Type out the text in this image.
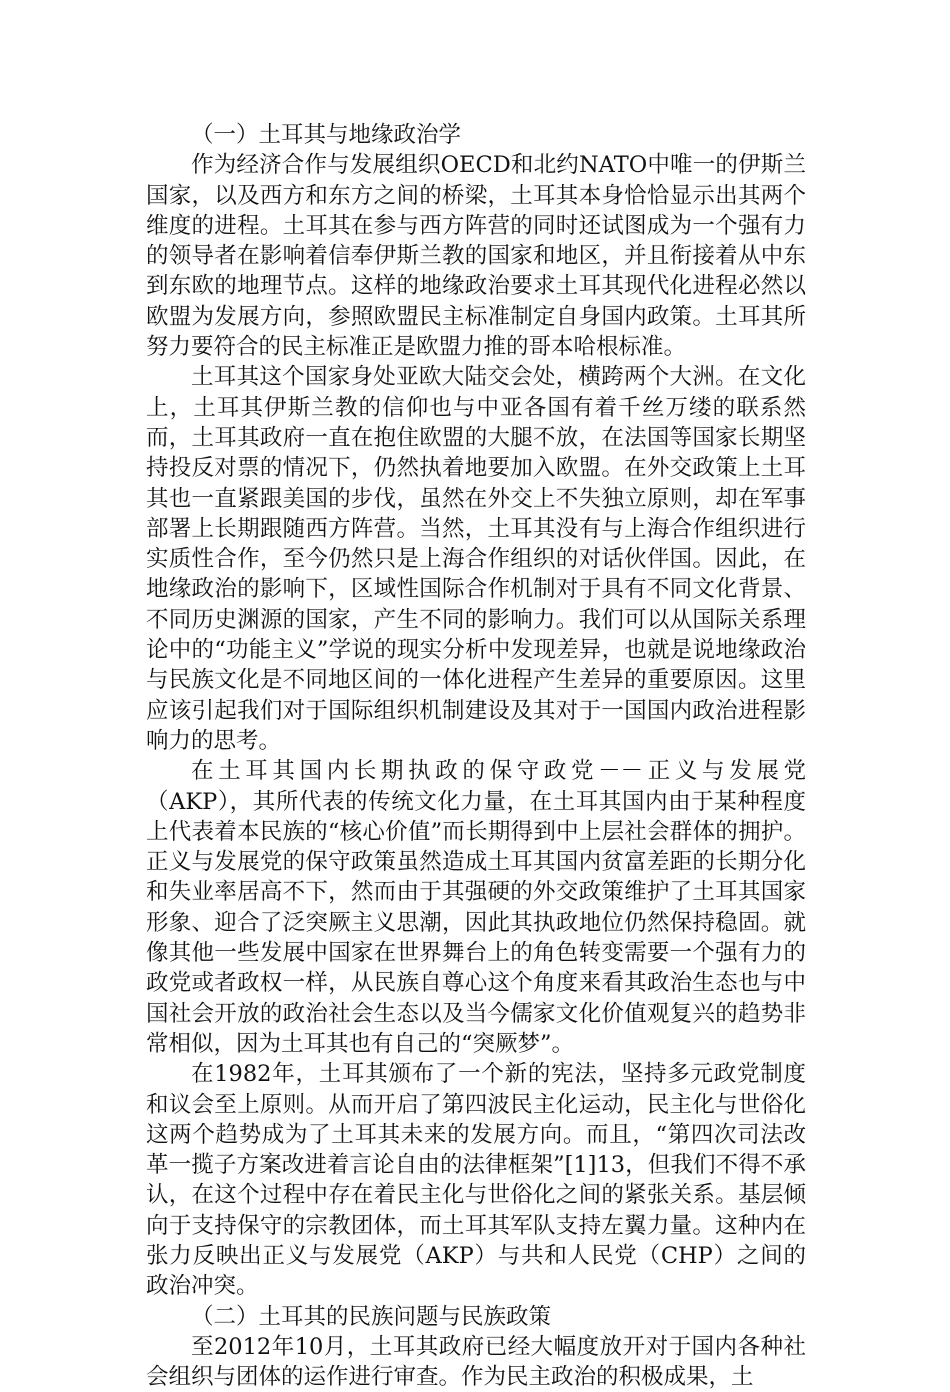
（一）土耳其与地缘政治学

作为经济合作与发展组织OECD和北约NATO中唯一的伊斯兰国家，以及西方和东方之间的桥梁，土耳其本身恰恰显示出其两个维度的进程。土耳其在参与西方阵营的同时还试图成为一个强有力的领导者在影响着信奉伊斯兰教的国家和地区，并且衔接着从中东到东欧的地理节点。这样的地缘政治要求土耳其现代化进程必然以欧盟为发展方向，参照欧盟民主标准制定自身国内政策。土耳其所努力要符合的民主标准正是欧盟力推的哥本哈根标准。

土耳其这个国家身处亚欧大陆交会处，横跨两个大洲。在文化上，土耳其伊斯兰教的信仰也与中亚各国有着千丝万缕的联系然而，土耳其政府一直在抱住欧盟的大腿不放，在法国等国家长期坚持投反对票的情况下，仍然执着地要加入欧盟。在外交政策上土耳其也一直紧跟美国的步伐，虽然在外交上不失独立原则，却在军事部署上长期跟随西方阵营。当然，土耳其没有与上海合作组织进行实质性合作，至今仍然只是上海合作组织的对话伙伴国。因此，在地缘政治的影响下，区域性国际合作机制对于具有不同文化背景、不同历史渊源的国家，产生不同的影响力。我们可以从国际关系理论中的“功能主义”学说的现实分析中发现差异，也就是说地缘政治与民族文化是不同地区间的一体化进程产生差异的重要原因。这里应该引起我们对于国际组织机制建设及其对于一国国内政治进程影响力的思考。

在土耳其国内长期执政的保守政党－－正义与发展党（AKP），其所代表的传统文化力量，在土耳其国内由于某种程度上代表着本民族的“核心价值”而长期得到中上层社会群体的拥护。正义与发展党的保守政策虽然造成土耳其国内贫富差距的长期分化和失业率居高不下，然而由于其强硬的外交政策维护了土耳其国家形象、迎合了泛突厥主义思潮，因此其执政地位仍然保持稳固。就像其他一些发展中国家在世界舞台上的角色转变需要一个强有力的政党或者政权一样，从民族自尊心这个角度来看其政治生态也与中国社会开放的政治社会生态以及当今儒家文化价值观复兴的趋势非常相似，因为土耳其也有自己的“突厥梦”。

在1982年，土耳其颁布了一个新的宪法，坚持多元政党制度和议会至上原则。从而开启了第四波民主化运动，民主化与世俗化这两个趋势成为了土耳其未来的发展方向。而且，“第四次司法改革一揽子方案改进着言论自由的法律框架”[1]13，但我们不得不承认，在这个过程中存在着民主化与世俗化之间的紧张关系。基层倾向于支持保守的宗教团体，而土耳其军队支持左翼力量。这种内在张力反映出正义与发展党（AKP）与共和人民党（CHP）之间的政治冲突。

（二）土耳其的民族问题与民族政策

至2012年10月，土耳其政府已经大幅度放开对于国内各种社会组织与团体的运作进行审查。作为民主政治的积极成果，土
